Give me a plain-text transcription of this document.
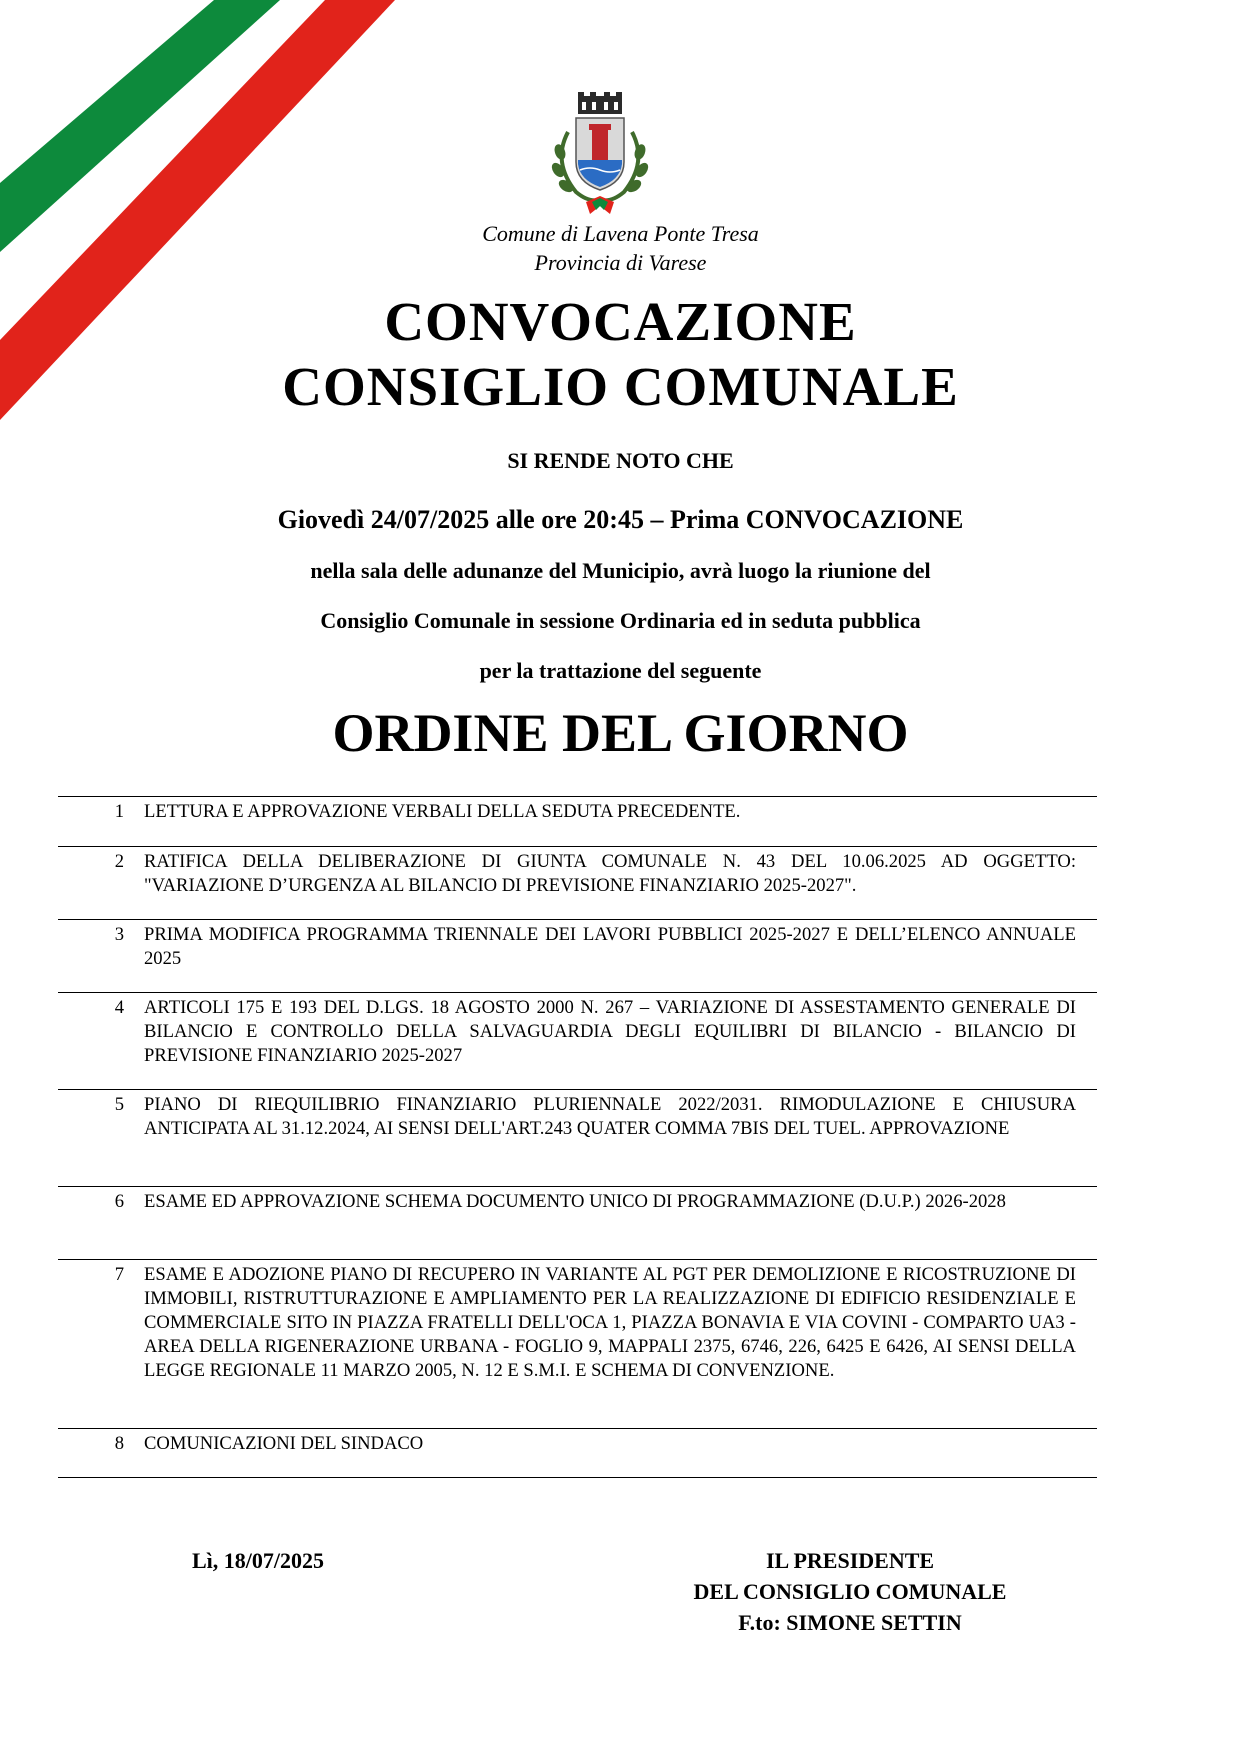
Comune di Lavena Ponte Tresa
Provincia di Varese
CONVOCAZIONE
CONSIGLIO COMUNALE
SI RENDE NOTO CHE
Giovedì 24/07/2025 alle ore 20:45 – Prima CONVOCAZIONE
nella sala delle adunanze del Municipio, avrà luogo la riunione del
Consiglio Comunale in sessione Ordinaria ed in seduta pubblica
per la trattazione del seguente
ORDINE DEL GIORNO
1 LETTURA E APPROVAZIONE VERBALI DELLA SEDUTA PRECEDENTE.
2 RATIFICA DELLA DELIBERAZIONE DI GIUNTA COMUNALE N. 43 DEL 10.06.2025 AD OGGETTO: "VARIAZIONE D’URGENZA AL BILANCIO DI PREVISIONE FINANZIARIO 2025-2027".
3 PRIMA MODIFICA PROGRAMMA TRIENNALE DEI LAVORI PUBBLICI 2025-2027 E DELL’ELENCO ANNUALE 2025
4 ARTICOLI 175 E 193 DEL D.LGS. 18 AGOSTO 2000 N. 267 – VARIAZIONE DI ASSESTAMENTO GENERALE DI BILANCIO E CONTROLLO DELLA SALVAGUARDIA DEGLI EQUILIBRI DI BILANCIO - BILANCIO DI PREVISIONE FINANZIARIO 2025-2027
5 PIANO DI RIEQUILIBRIO FINANZIARIO PLURIENNALE 2022/2031. RIMODULAZIONE E CHIUSURA ANTICIPATA AL 31.12.2024, AI SENSI DELL'ART.243 QUATER COMMA 7BIS DEL TUEL. APPROVAZIONE
6 ESAME ED APPROVAZIONE SCHEMA DOCUMENTO UNICO DI PROGRAMMAZIONE (D.U.P.) 2026-2028
7 ESAME E ADOZIONE PIANO DI RECUPERO IN VARIANTE AL PGT PER DEMOLIZIONE E RICOSTRUZIONE DI IMMOBILI, RISTRUTTURAZIONE E AMPLIAMENTO PER LA REALIZZAZIONE DI EDIFICIO RESIDENZIALE E COMMERCIALE SITO IN PIAZZA FRATELLI DELL'OCA 1, PIAZZA BONAVIA E VIA COVINI - COMPARTO UA3 - AREA DELLA RIGENERAZIONE URBANA - FOGLIO 9, MAPPALI 2375, 6746, 226, 6425 E 6426, AI SENSI DELLA LEGGE REGIONALE 11 MARZO 2005, N. 12 E S.M.I. E SCHEMA DI CONVENZIONE.
8 COMUNICAZIONI DEL SINDACO
Lì, 18/07/2025	IL PRESIDENTE
DEL CONSIGLIO COMUNALE
F.to: SIMONE SETTIN
